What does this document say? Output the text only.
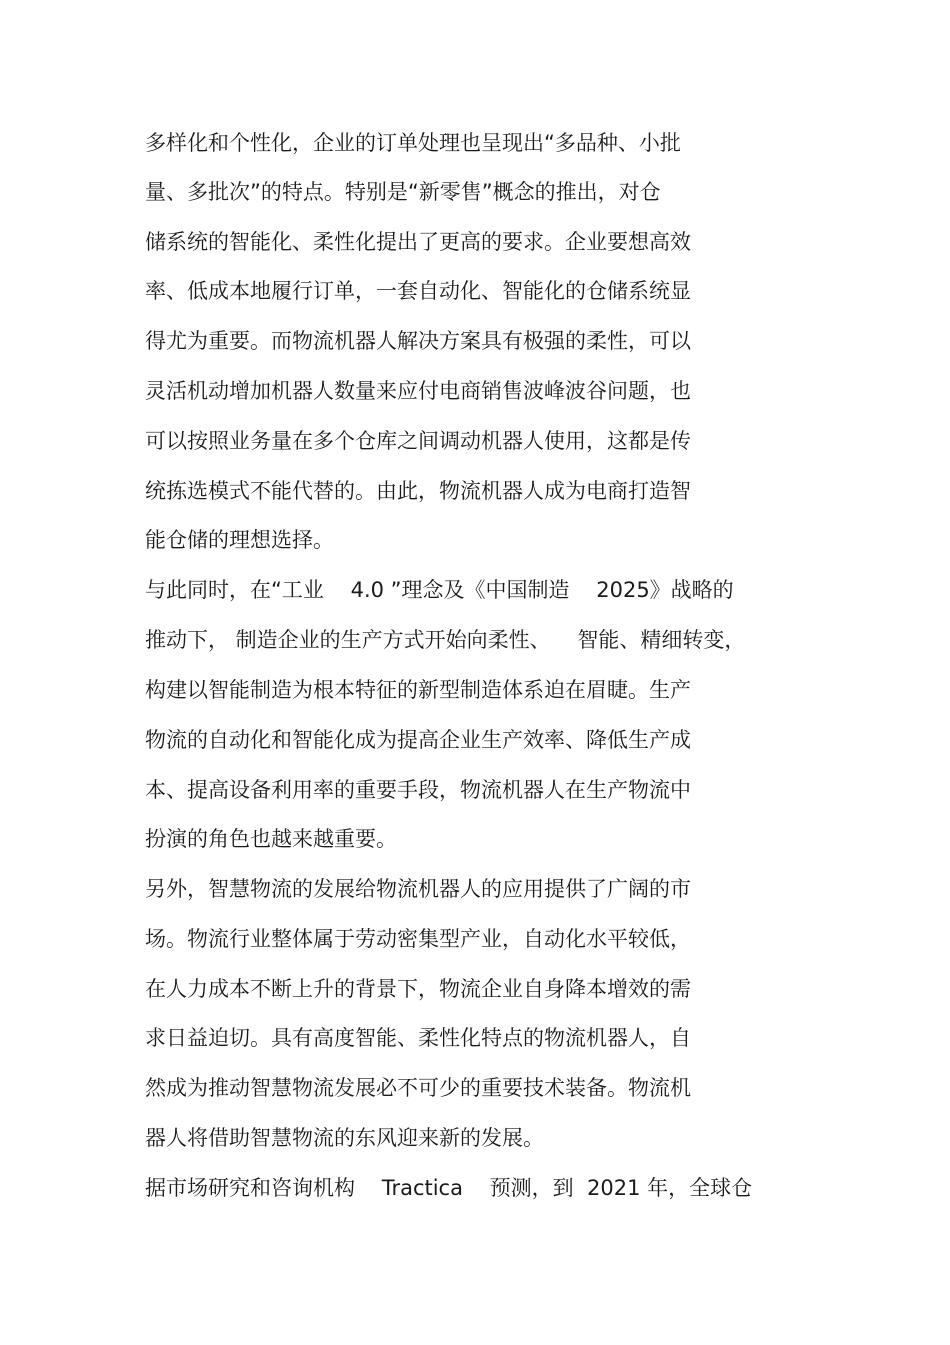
多样化和个性化，企业的订单处理也呈现出“多品种、小批
量、多批次”的特点。特别是“新零售”概念的推出，对仓
储系统的智能化、柔性化提出了更高的要求。企业要想高效
率、低成本地履行订单，一套自动化、智能化的仓储系统显
得尤为重要。而物流机器人解决方案具有极强的柔性，可以
灵活机动增加机器人数量来应付电商销售波峰波谷问题，也
可以按照业务量在多个仓库之间调动机器人使用，这都是传
统拣选模式不能代替的。由此，物流机器人成为电商打造智
能仓储的理想选择。
与此同时，在“工业    4.0 ”理念及《中国制造    2025》战略的
推动下， 制造企业的生产方式开始向柔性、    智能、精细转变，
构建以智能制造为根本特征的新型制造体系迫在眉睫。生产
物流的自动化和智能化成为提高企业生产效率、降低生产成
本、提高设备利用率的重要手段，物流机器人在生产物流中
扮演的角色也越来越重要。
另外，智慧物流的发展给物流机器人的应用提供了广阔的市
场。物流行业整体属于劳动密集型产业，自动化水平较低，
在人力成本不断上升的背景下，物流企业自身降本增效的需
求日益迫切。具有高度智能、柔性化特点的物流机器人，自
然成为推动智慧物流发展必不可少的重要技术装备。物流机
器人将借助智慧物流的东风迎来新的发展。
据市场研究和咨询机构    Tractica    预测，到  2021 年，全球仓
